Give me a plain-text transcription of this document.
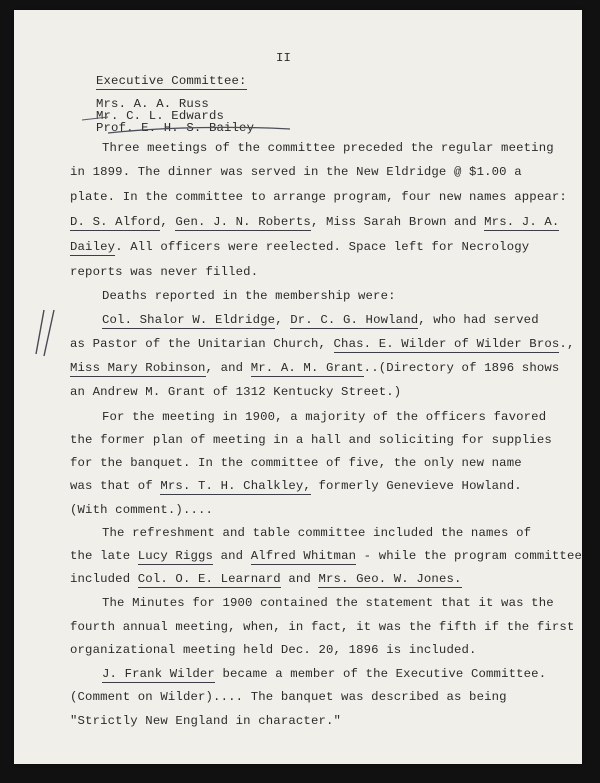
II
Executive Committee:
Mrs. A. A. Russ
Mr. C. L. Edwards
Prof. E. H. S. Bailey
Three meetings of the committee preceded the regular meeting
in 1899. The dinner was served in the New Eldridge @ $1.00 a
plate. In the committee to arrange program, four new names appear:
D. S. Alford, Gen. J. N. Roberts, Miss Sarah Brown and Mrs. J. A.
Dailey. All officers were reelected. Space left for Necrology
reports was never filled.
Deaths reported in the membership were:
Col. Shalor W. Eldridge, Dr. C. G. Howland, who had served
as Pastor of the Unitarian Church, Chas. E. Wilder of Wilder Bros.,
Miss Mary Robinson, and Mr. A. M. Grant..(Directory of 1896 shows
an Andrew M. Grant of 1312 Kentucky Street.)
For the meeting in 1900, a majority of the officers favored
the former plan of meeting in a hall and soliciting for supplies
for the banquet. In the committee of five, the only new name
was that of Mrs. T. H. Chalkley, formerly Genevieve Howland.
(With comment.)....
The refreshment and table committee included the names of
the late Lucy Riggs and Alfred Whitman - while the program committee
included Col. O. E. Learnard and Mrs. Geo. W. Jones.
The Minutes for 1900 contained the statement that it was the
fourth annual meeting, when, in fact, it was the fifth if the first
organizational meeting held Dec. 20, 1896 is included.
J. Frank Wilder became a member of the Executive Committee.
(Comment on Wilder).... The banquet was described as being
"Strictly New England in character."
